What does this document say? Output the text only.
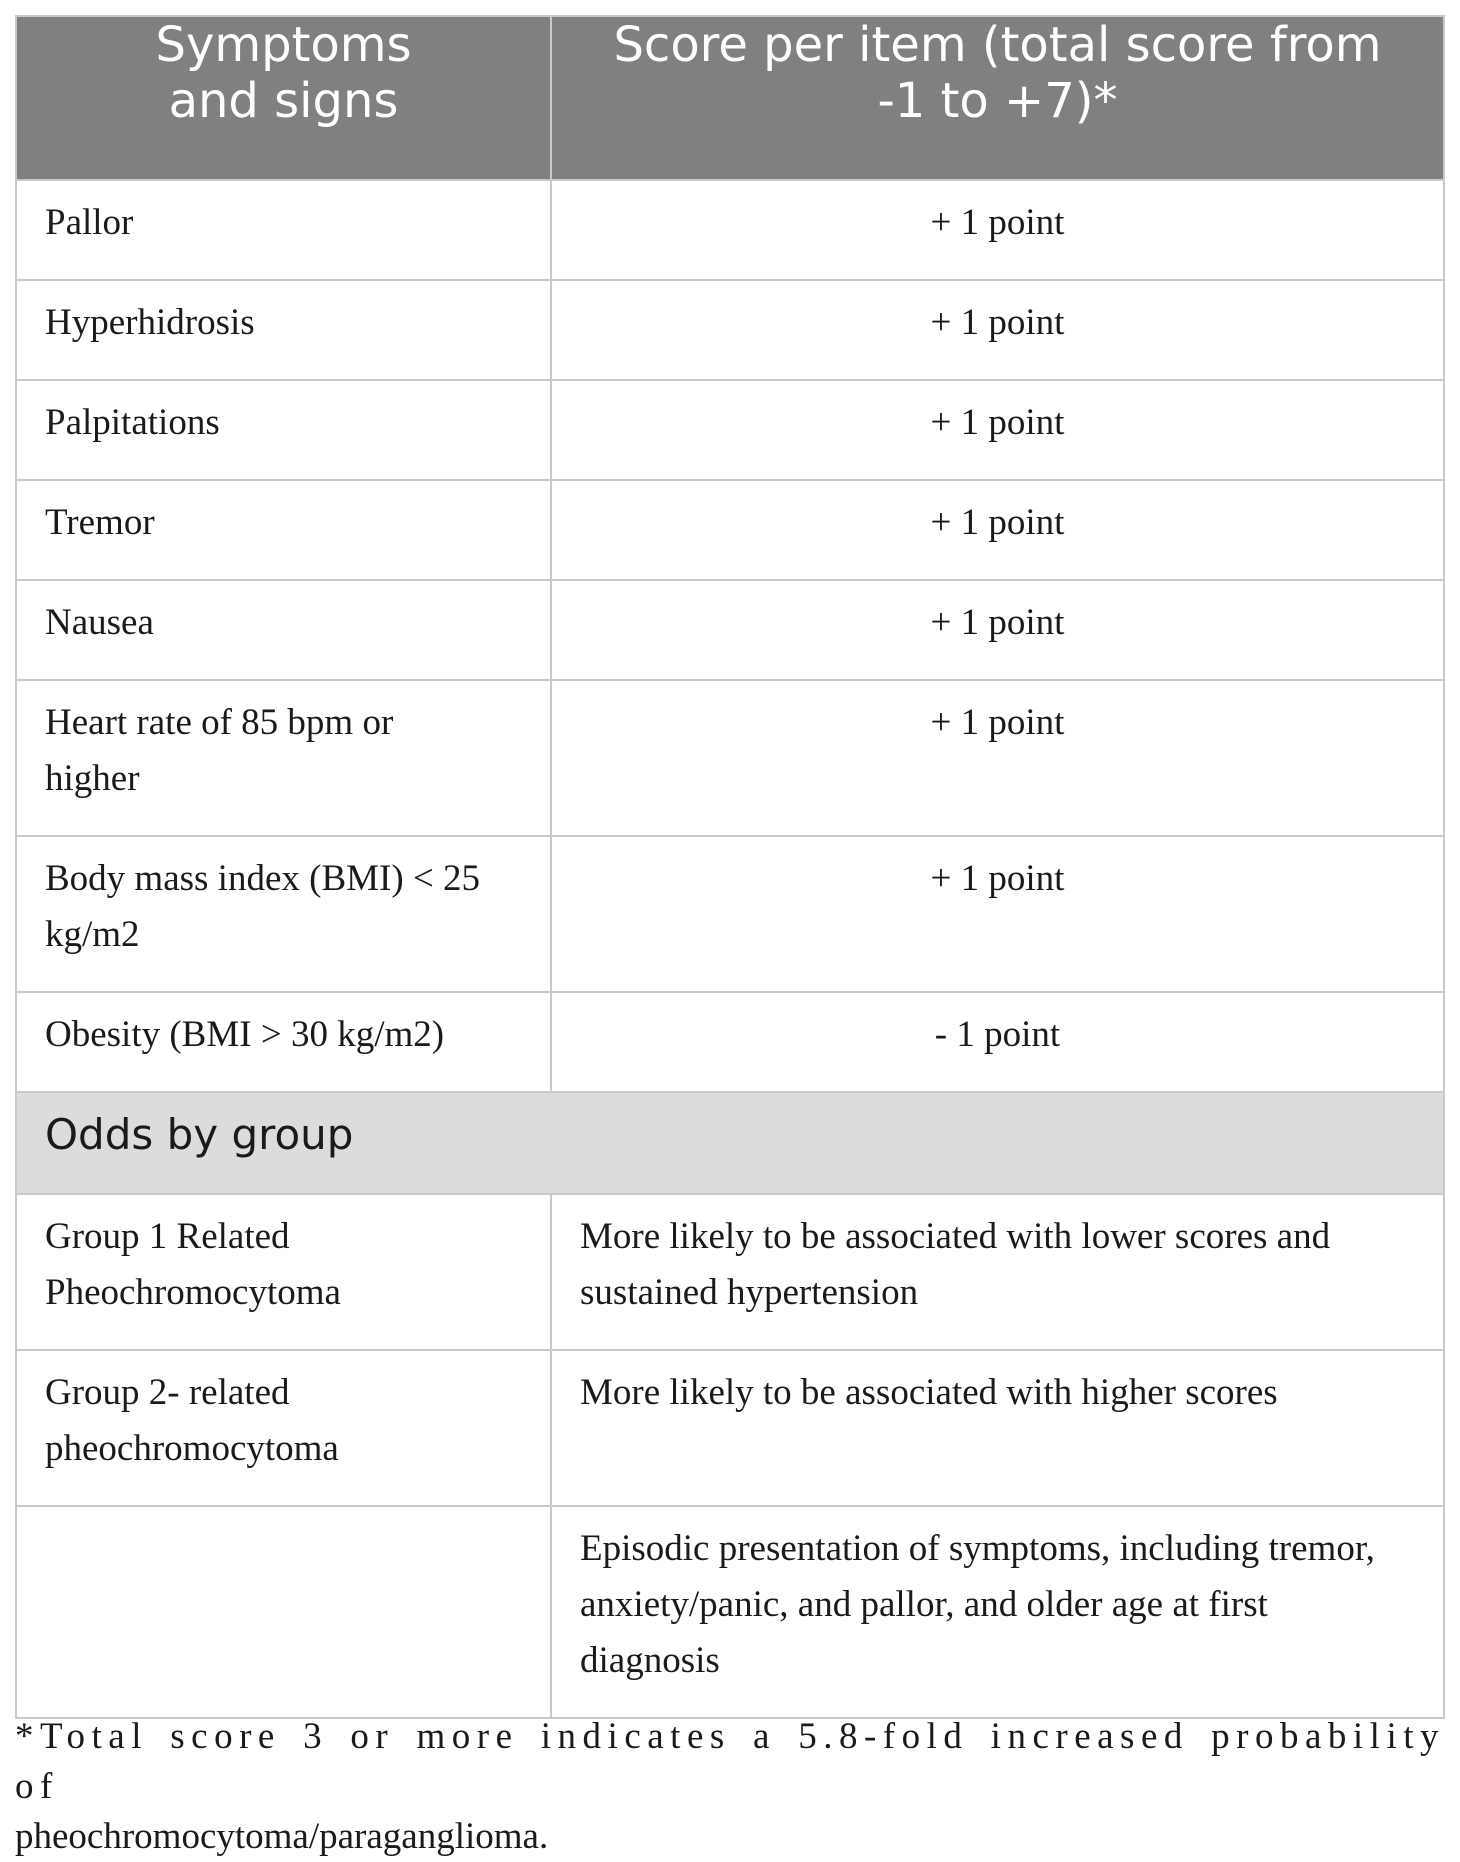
Symptoms and signs	Score per item (total score from -1 to +7)*
Pallor	+ 1 point
Hyperhidrosis	+ 1 point
Palpitations	+ 1 point
Tremor	+ 1 point
Nausea	+ 1 point
Heart rate of 85 bpm or higher	+ 1 point
Body mass index (BMI) < 25 kg/m2	+ 1 point
Obesity (BMI > 30 kg/m2)	- 1 point
Odds by group	
Group 1 Related Pheochromocytoma	More likely to be associated with lower scores and sustained hypertension
Group 2- related pheochromocytoma	More likely to be associated with higher scores
	Episodic presentation of symptoms, including tremor, anxiety/panic, and pallor, and older age at first diagnosis
*Total score 3 or more indicates a 5.8-fold increased probability of
pheochromocytoma/paraganglioma.
